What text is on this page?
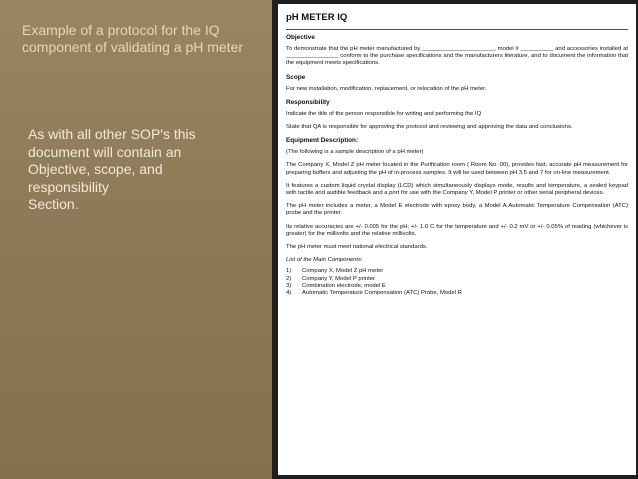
Example of a protocol for the IQ component of validating a pH meter

As with all other SOP's this
document will contain an
Objective, scope, and
responsibility
Section.

pH METER IQ
Objective
To demonstrate that the pH meter manufactured by ______________________, model # __________ and accessories installed at ________________ conform to the purchase specifications and the manufacturers literature, and to document the information that the equipment meets specifications.
Scope
For new installation, modification, replacement, or relocation of the pH meter.
Responsibility
Indicate the title of the person responsible for writing and performing the IQ
State that QA is responsible for approving the protocol and reviewing and approving the data and conclusions.
Equipment Description:
(The following is a sample description of a pH meter)
The Company X, Model Z pH meter located in the Purification room ( Room No. 00), provides fast, accurate pH measurement for preparing buffers and adjusting the pH of in-process samples. It will be used between pH 3.5 and 7 for on-line measurement.
It features a custom liquid crystal display (LCD) which simultaneously displays mode, results and temperature, a sealed keypad with tactile and audible feedback and a port for use with the Company Y, Model P printer or other serial peripheral devices.
The pH meter includes a meter, a Model E electrode with epoxy body, a Model A Automatic Temperature Compensation (ATC) probe and the printer.
Its relative accuracies are +/- 0.005 for the pH; +/- 1.0 C for the temperature and +/- 0.2 mV or +/- 0.05% of reading (whichever is greater) for the millivolts and the relative millivolts.
The pH meter must meet national electrical standards.
List of the Main Components:
1)	Company X, Model Z pH meter
2)	Company Y, Model P printer
3)	Combination electrode, model E
4)	Automatic Temperature Compensation (ATC) Probe, Model R
